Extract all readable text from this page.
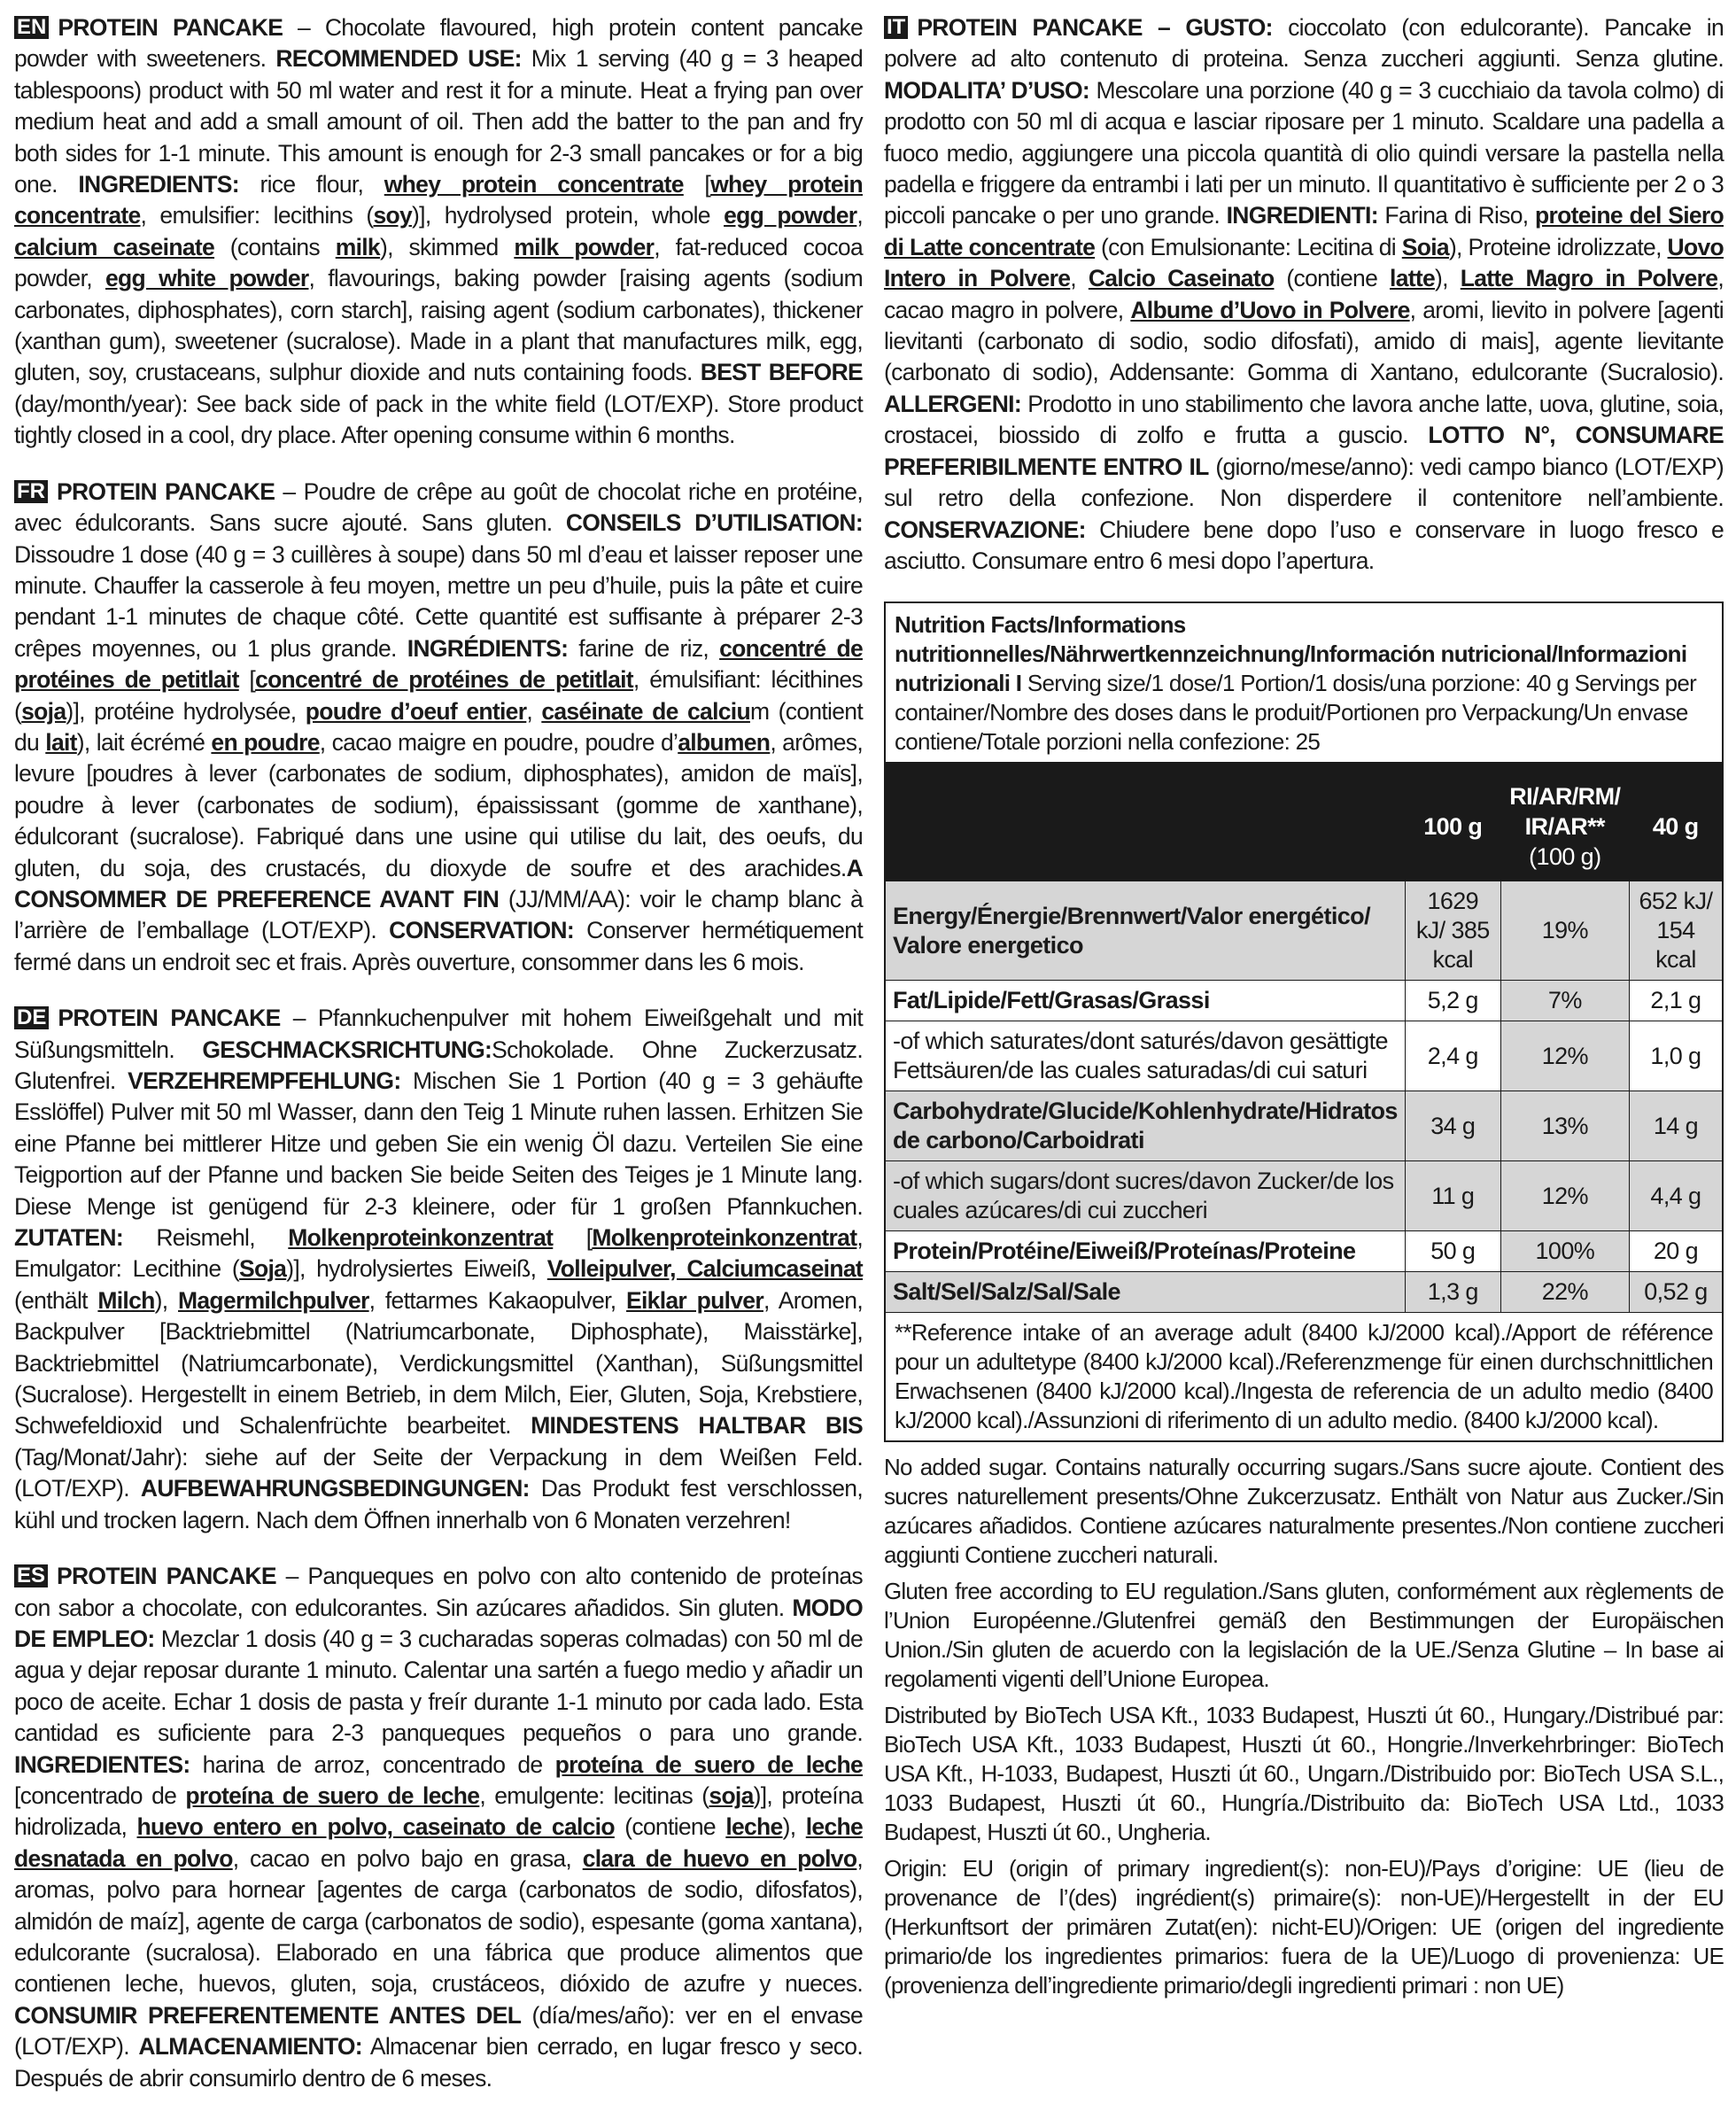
EN PROTEIN PANCAKE – Chocolate flavoured, high protein content pancake powder with sweeteners. RECOMMENDED USE: Mix 1 serving (40 g = 3 heaped tablespoons) product with 50 ml water and rest it for a minute. Heat a frying pan over medium heat and add a small amount of oil. Then add the batter to the pan and fry both sides for 1-1 minute. This amount is enough for 2-3 small pancakes or for a big one. INGREDIENTS: rice flour, whey protein concentrate [whey protein concentrate, emulsifier: lecithins (soy)], hydrolysed protein, whole egg powder, calcium caseinate (contains milk), skimmed milk powder, fat-reduced cocoa powder, egg white powder, flavourings, baking powder [raising agents (sodium carbonates, diphosphates), corn starch], raising agent (sodium carbonates), thickener (xanthan gum), sweetener (sucralose). Made in a plant that manufactures milk, egg, gluten, soy, crustaceans, sulphur dioxide and nuts containing foods. BEST BEFORE (day/month/year): See back side of pack in the white field (LOT/EXP). Store product tightly closed in a cool, dry place. After opening consume within 6 months.
FR PROTEIN PANCAKE – Poudre de crêpe au goût de chocolat riche en protéine, avec édulcorants. Sans sucre ajouté. Sans gluten. CONSEILS D’UTILISATION: Dissoudre 1 dose (40 g = 3 cuillères à soupe) dans 50 ml d’eau et laisser reposer une minute. Chauffer la casserole à feu moyen, mettre un peu d’huile, puis la pâte et cuire pendant 1-1 minutes de chaque côté. Cette quantité est suffisante à préparer 2-3 crêpes moyennes, ou 1 plus grande. INGRÉDIENTS: farine de riz, concentré de protéines de petitlait [concentré de protéines de petitlait, émulsifiant: lécithines (soja)], protéine hydrolysée, poudre d’oeuf entier, caséinate de calcium (contient du lait), lait écrémé en poudre, cacao maigre en poudre, poudre d’albumen, arômes, levure [poudres à lever (carbonates de sodium, diphosphates), amidon de maïs], poudre à lever (carbonates de sodium), épaississant (gomme de xanthane), édulcorant (sucralose). Fabriqué dans une usine qui utilise du lait, des oeufs, du gluten, du soja, des crustacés, du dioxyde de soufre et des arachides.A CONSOMMER DE PREFERENCE AVANT FIN (JJ/MM/AA): voir le champ blanc à l’arrière de l’emballage (LOT/EXP). CONSERVATION: Conserver hermétiquement fermé dans un endroit sec et frais. Après ouverture, consommer dans les 6 mois.
DE PROTEIN PANCAKE – Pfannkuchenpulver mit hohem Eiweißgehalt und mit Süßungsmitteln. GESCHMACKSRICHTUNG:Schokolade. Ohne Zuckerzusatz. Glutenfrei. VERZEHREMPFEHLUNG: Mischen Sie 1 Portion (40 g = 3 gehäufte Esslöffel) Pulver mit 50 ml Wasser, dann den Teig 1 Minute ruhen lassen. Erhitzen Sie eine Pfanne bei mittlerer Hitze und geben Sie ein wenig Öl dazu. Verteilen Sie eine Teigportion auf der Pfanne und backen Sie beide Seiten des Teiges je 1 Minute lang. Diese Menge ist genügend für 2-3 kleinere, oder für 1 großen Pfannkuchen. ZUTATEN: Reismehl, Molkenproteinkonzentrat [Molkenproteinkonzentrat, Emulgator: Lecithine (Soja)], hydrolysiertes Eiweiß, Volleipulver, Calciumcaseinat (enthält Milch), Magermilchpulver, fettarmes Kakaopulver, Eiklar pulver, Aromen, Backpulver [Backtriebmittel (Natriumcarbonate, Diphosphate), Maisstärke], Backtriebmittel (Natriumcarbonate), Verdickungsmittel (Xanthan), Süßungsmittel (Sucralose). Hergestellt in einem Betrieb, in dem Milch, Eier, Gluten, Soja, Krebstiere, Schwefeldioxid und Schalenfrüchte bearbeitet. MINDESTENS HALTBAR BIS (Tag/Monat/Jahr): siehe auf der Seite der Verpackung in dem Weißen Feld. (LOT/EXP). AUFBEWAHRUNGSBEDINGUNGEN: Das Produkt fest verschlossen, kühl und trocken lagern. Nach dem Öffnen innerhalb von 6 Monaten verzehren!
ES PROTEIN PANCAKE – Panqueques en polvo con alto contenido de proteínas con sabor a chocolate, con edulcorantes. Sin azúcares añadidos. Sin gluten. MODO DE EMPLEO: Mezclar 1 dosis (40 g = 3 cucharadas soperas colmadas) con 50 ml de agua y dejar reposar durante 1 minuto. Calentar una sartén a fuego medio y añadir un poco de aceite. Echar 1 dosis de pasta y freír durante 1-1 minuto por cada lado. Esta cantidad es suficiente para 2-3 panqueques pequeños o para uno grande. INGREDIENTES: harina de arroz, concentrado de proteína de suero de leche [concentrado de proteína de suero de leche, emulgente: lecitinas (soja)], proteína hidrolizada, huevo entero en polvo, caseinato de calcio (contiene leche), leche desnatada en polvo, cacao en polvo bajo en grasa, clara de huevo en polvo, aromas, polvo para hornear [agentes de carga (carbonatos de sodio, difosfatos), almidón de maíz], agente de carga (carbonatos de sodio), espesante (goma xantana), edulcorante (sucralosa). Elaborado en una fábrica que produce alimentos que contienen leche, huevos, gluten, soja, crustáceos, dióxido de azufre y nueces. CONSUMIR PREFERENTEMENTE ANTES DEL (día/mes/año): ver en el envase (LOT/EXP). ALMACENAMIENTO: Almacenar bien cerrado, en lugar fresco y seco. Después de abrir consumirlo dentro de 6 meses.
IT PROTEIN PANCAKE – GUSTO: cioccolato (con edulcorante). Pancake in polvere ad alto contenuto di proteina. Senza zuccheri aggiunti. Senza glutine. MODALITA’ D’USO: Mescolare una porzione (40 g = 3 cucchiaio da tavola colmo) di prodotto con 50 ml di acqua e lasciar riposare per 1 minuto. Scaldare una padella a fuoco medio, aggiungere una piccola quantità di olio quindi versare la pastella nella padella e friggere da entrambi i lati per un minuto. Il quantitativo è sufficiente per 2 o 3 piccoli pancake o per uno grande. INGREDIENTI: Farina di Riso, proteine del Siero di Latte concentrate (con Emulsionante: Lecitina di Soia), Proteine idrolizzate, Uovo Intero in Polvere, Calcio Caseinato (contiene latte), Latte Magro in Polvere, cacao magro in polvere, Albume d’Uovo in Polvere, aromi, lievito in polvere [agenti lievitanti (carbonato di sodio, sodio difosfati), amido di mais], agente lievitante (carbonato di sodio), Addensante: Gomma di Xantano, edulcorante (Sucralosio). ALLERGENI: Prodotto in uno stabilimento che lavora anche latte, uova, glutine, soia, crostacei, biossido di zolfo e frutta a guscio. LOTTO N°, CONSUMARE PREFERIBILMENTE ENTRO IL (giorno/mese/anno): vedi campo bianco (LOT/EXP) sul retro della confezione. Non disperdere il contenitore nell’ambiente. CONSERVAZIONE: Chiudere bene dopo l’uso e conservare in luogo fresco e asciutto. Consumare entro 6 mesi dopo l’apertura.
Nutrition Facts/Informations nutritionnelles/Nährwertkennzeichnung/Información nutricional/Informazioni nutrizionali I Serving size/1 dose/1 Portion/1 dosis/una porzione: 40 g Servings per container/Nombre des doses dans le produit/Portionen pro Verpackung/Un envase contiene/Totale porzioni nella confezione: 25
	100 g	RI/AR/RM/ IR/AR**
(100 g)	40 g
Energy/Énergie/Brennwert/Valor energético/ Valore energetico	1629 kJ/ 385 kcal	19%	652 kJ/ 154 kcal
Fat/Lipide/Fett/Grasas/Grassi	5,2 g	7%	2,1 g
-of which saturates/dont saturés/davon gesättigte Fettsäuren/de las cuales saturadas/di cui saturi	2,4 g	12%	1,0 g
Carbohydrate/Glucide/Kohlenhydrate/Hidratos de carbono/Carboidrati	34 g	13%	14 g
-of which sugars/dont sucres/davon Zucker/de los cuales azúcares/di cui zuccheri	11 g	12%	4,4 g
Protein/Protéine/Eiweiß/Proteínas/Proteine	50 g	100%	20 g
Salt/Sel/Salz/Sal/Sale	1,3 g	22%	0,52 g
**Reference intake of an average adult (8400 kJ/2000 kcal)./Apport de référence pour un adultetype (8400 kJ/2000 kcal)./Referenzmenge für einen durchschnittlichen Erwachsenen (8400 kJ/2000 kcal)./Ingesta de referencia de un adulto medio (8400 kJ/2000 kcal)./Assunzioni di riferimento di un adulto medio. (8400 kJ/2000 kcal).
No added sugar. Contains naturally occurring sugars./Sans sucre ajoute. Contient des sucres naturellement presents/Ohne Zukcerzusatz. Enthält von Natur aus Zucker./Sin azúcares añadidos. Contiene azúcares naturalmente presentes./Non contiene zuccheri aggiunti Contiene zuccheri naturali.
Gluten free according to EU regulation./Sans gluten, conformément aux règlements de l’Union Européenne./Glutenfrei gemäß den Bestimmungen der Europäischen Union./Sin gluten de acuerdo con la legislación de la UE./Senza Glutine – In base ai regolamenti vigenti dell’Unione Europea.
Distributed by BioTech USA Kft., 1033 Budapest, Huszti út 60., Hungary./Distribué par: BioTech USA Kft., 1033 Budapest, Huszti út 60., Hongrie./Inverkehrbringer: BioTech USA Kft., H-1033, Budapest, Huszti út 60., Ungarn./Distribuido por: BioTech USA S.L., 1033 Budapest, Huszti út 60., Hungría./Distribuito da: BioTech USA Ltd., 1033 Budapest, Huszti út 60., Ungheria.
Origin: EU (origin of primary ingredient(s): non-EU)/Pays d’origine: UE (lieu de provenance de l’(des) ingrédient(s) primaire(s): non-UE)/Hergestellt in der EU (Herkunftsort der primären Zutat(en): nicht-EU)/Origen: UE (origen del ingrediente primario/de los ingredientes primarios: fuera de la UE)/Luogo di provenienza: UE (provenienza dell’ingrediente primario/degli ingredienti primari : non UE)
